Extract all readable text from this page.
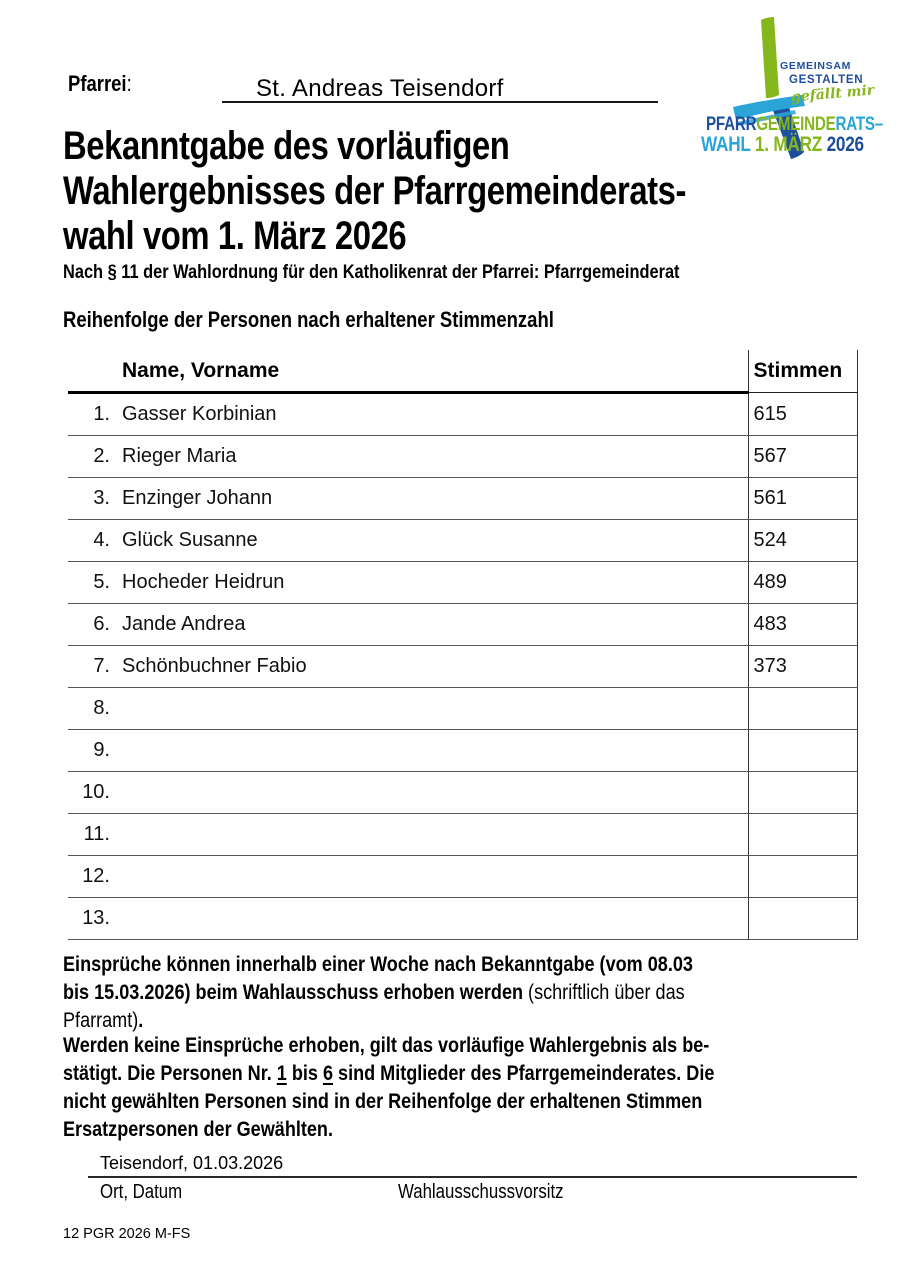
Pfarrei:	St. Andreas Teisendorf
GEMEINSAM
GESTALTEN
gefällt mir
PFARRGEMEINDERATS–
WAHL 1. MÄRZ 2026
Bekanntgabe des vorläufigen
Wahlergebnisses der Pfarrgemeinderats-
wahl vom 1. März 2026
Nach § 11 der Wahlordnung für den Katholikenrat der Pfarrei: Pfarrgemeinderat
Reihenfolge der Personen nach erhaltener Stimmenzahl
	Name, Vorname	Stimmen
1.	Gasser Korbinian	615
2.	Rieger Maria	567
3.	Enzinger Johann	561
4.	Glück Susanne	524
5.	Hocheder Heidrun	489
6.	Jande Andrea	483
7.	Schönbuchner Fabio	373
8.		
9.		
10.		
11.		
12.		
13.		
Einsprüche können innerhalb einer Woche nach Bekanntgabe (vom 08.03
bis 15.03.2026) beim Wahlausschuss erhoben werden (schriftlich über das
Pfarramt).
Werden keine Einsprüche erhoben, gilt das vorläufige Wahlergebnis als be-
stätigt. Die Personen Nr. 1 bis 6 sind Mitglieder des Pfarrgemeinderates. Die
nicht gewählten Personen sind in der Reihenfolge der erhaltenen Stimmen
Ersatzpersonen der Gewählten.
Teisendorf, 01.03.2026
Ort, Datum	Wahlausschussvorsitz
12 PGR 2026 M-FS
